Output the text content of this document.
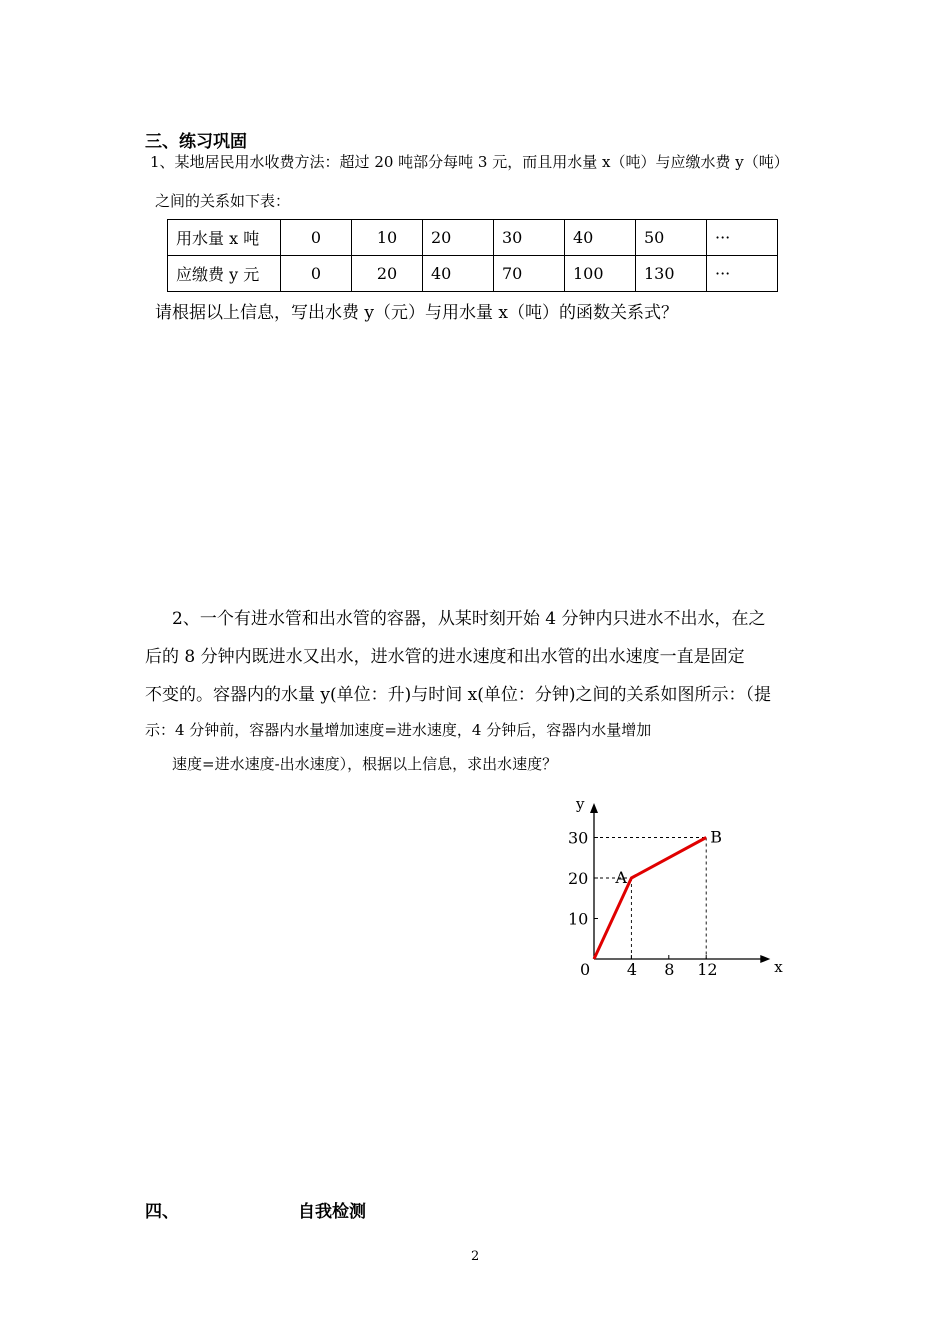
三、练习巩固
1、某地居民用水收费方法：超过 20 吨部分每吨 3 元，而且用水量 x（吨）与应缴水费 y（吨）
之间的关系如下表：
用水量 x 吨	0	10	20	30	40	50	···
应缴费 y 元	0	20	40	70	100	130	···
请根据以上信息，写出水费 y（元）与用水量 x（吨）的函数关系式？
2、一个有进水管和出水管的容器，从某时刻开始 4 分钟内只进水不出水，在之
后的 8 分钟内既进水又出水，进水管的进水速度和出水管的出水速度一直是固定
不变的。容器内的水量 y(单位：升)与时间 x(单位：分钟)之间的关系如图所示：（提
示：4 分钟前，容器内水量增加速度=进水速度，4 分钟后，容器内水量增加
速度=进水速度-出水速度），根据以上信息，求出水速度？
x
y
0 4 8 12
10
20
30
A
B
四、	自我检测
2
